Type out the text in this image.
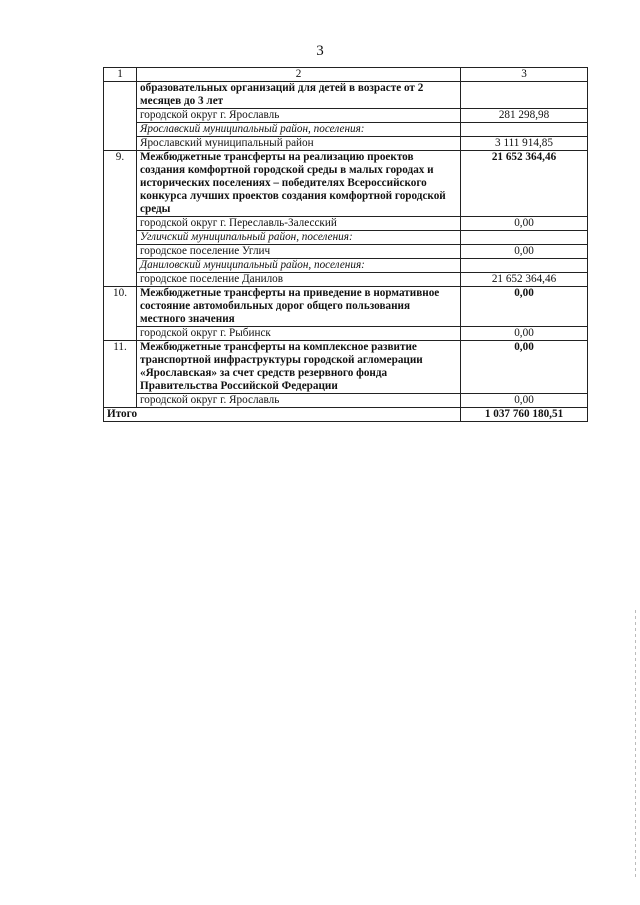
3
1	2	3
	образовательных организаций для детей в возрасте от 2 месяцев до 3 лет	
	городской округ г. Ярославль	281 298,98
	Ярославский муниципальный район, поселения:	
	Ярославский муниципальный район	3 111 914,85
9.	Межбюджетные трансферты на реализацию проектов создания комфортной городской среды в малых городах и исторических поселениях – победителях Всероссийского конкурса лучших проектов создания комфортной городской среды	21 652 364,46
	городской округ г. Переславль-Залесский	0,00
	Угличский муниципальный район, поселения:	
	городское поселение Углич	0,00
	Даниловский муниципальный район, поселения:	
	городское поселение Данилов	21 652 364,46
10.	Межбюджетные трансферты на приведение в нормативное состояние автомобильных дорог общего пользования местного значения	0,00
	городской округ г. Рыбинск	0,00
11.	Межбюджетные трансферты на комплексное развитие транспортной инфраструктуры городской агломерации «Ярославская» за счет средств резервного фонда Правительства Российской Федерации	0,00
	городской округ г. Ярославль	0,00
Итого		1 037 760 180,51
